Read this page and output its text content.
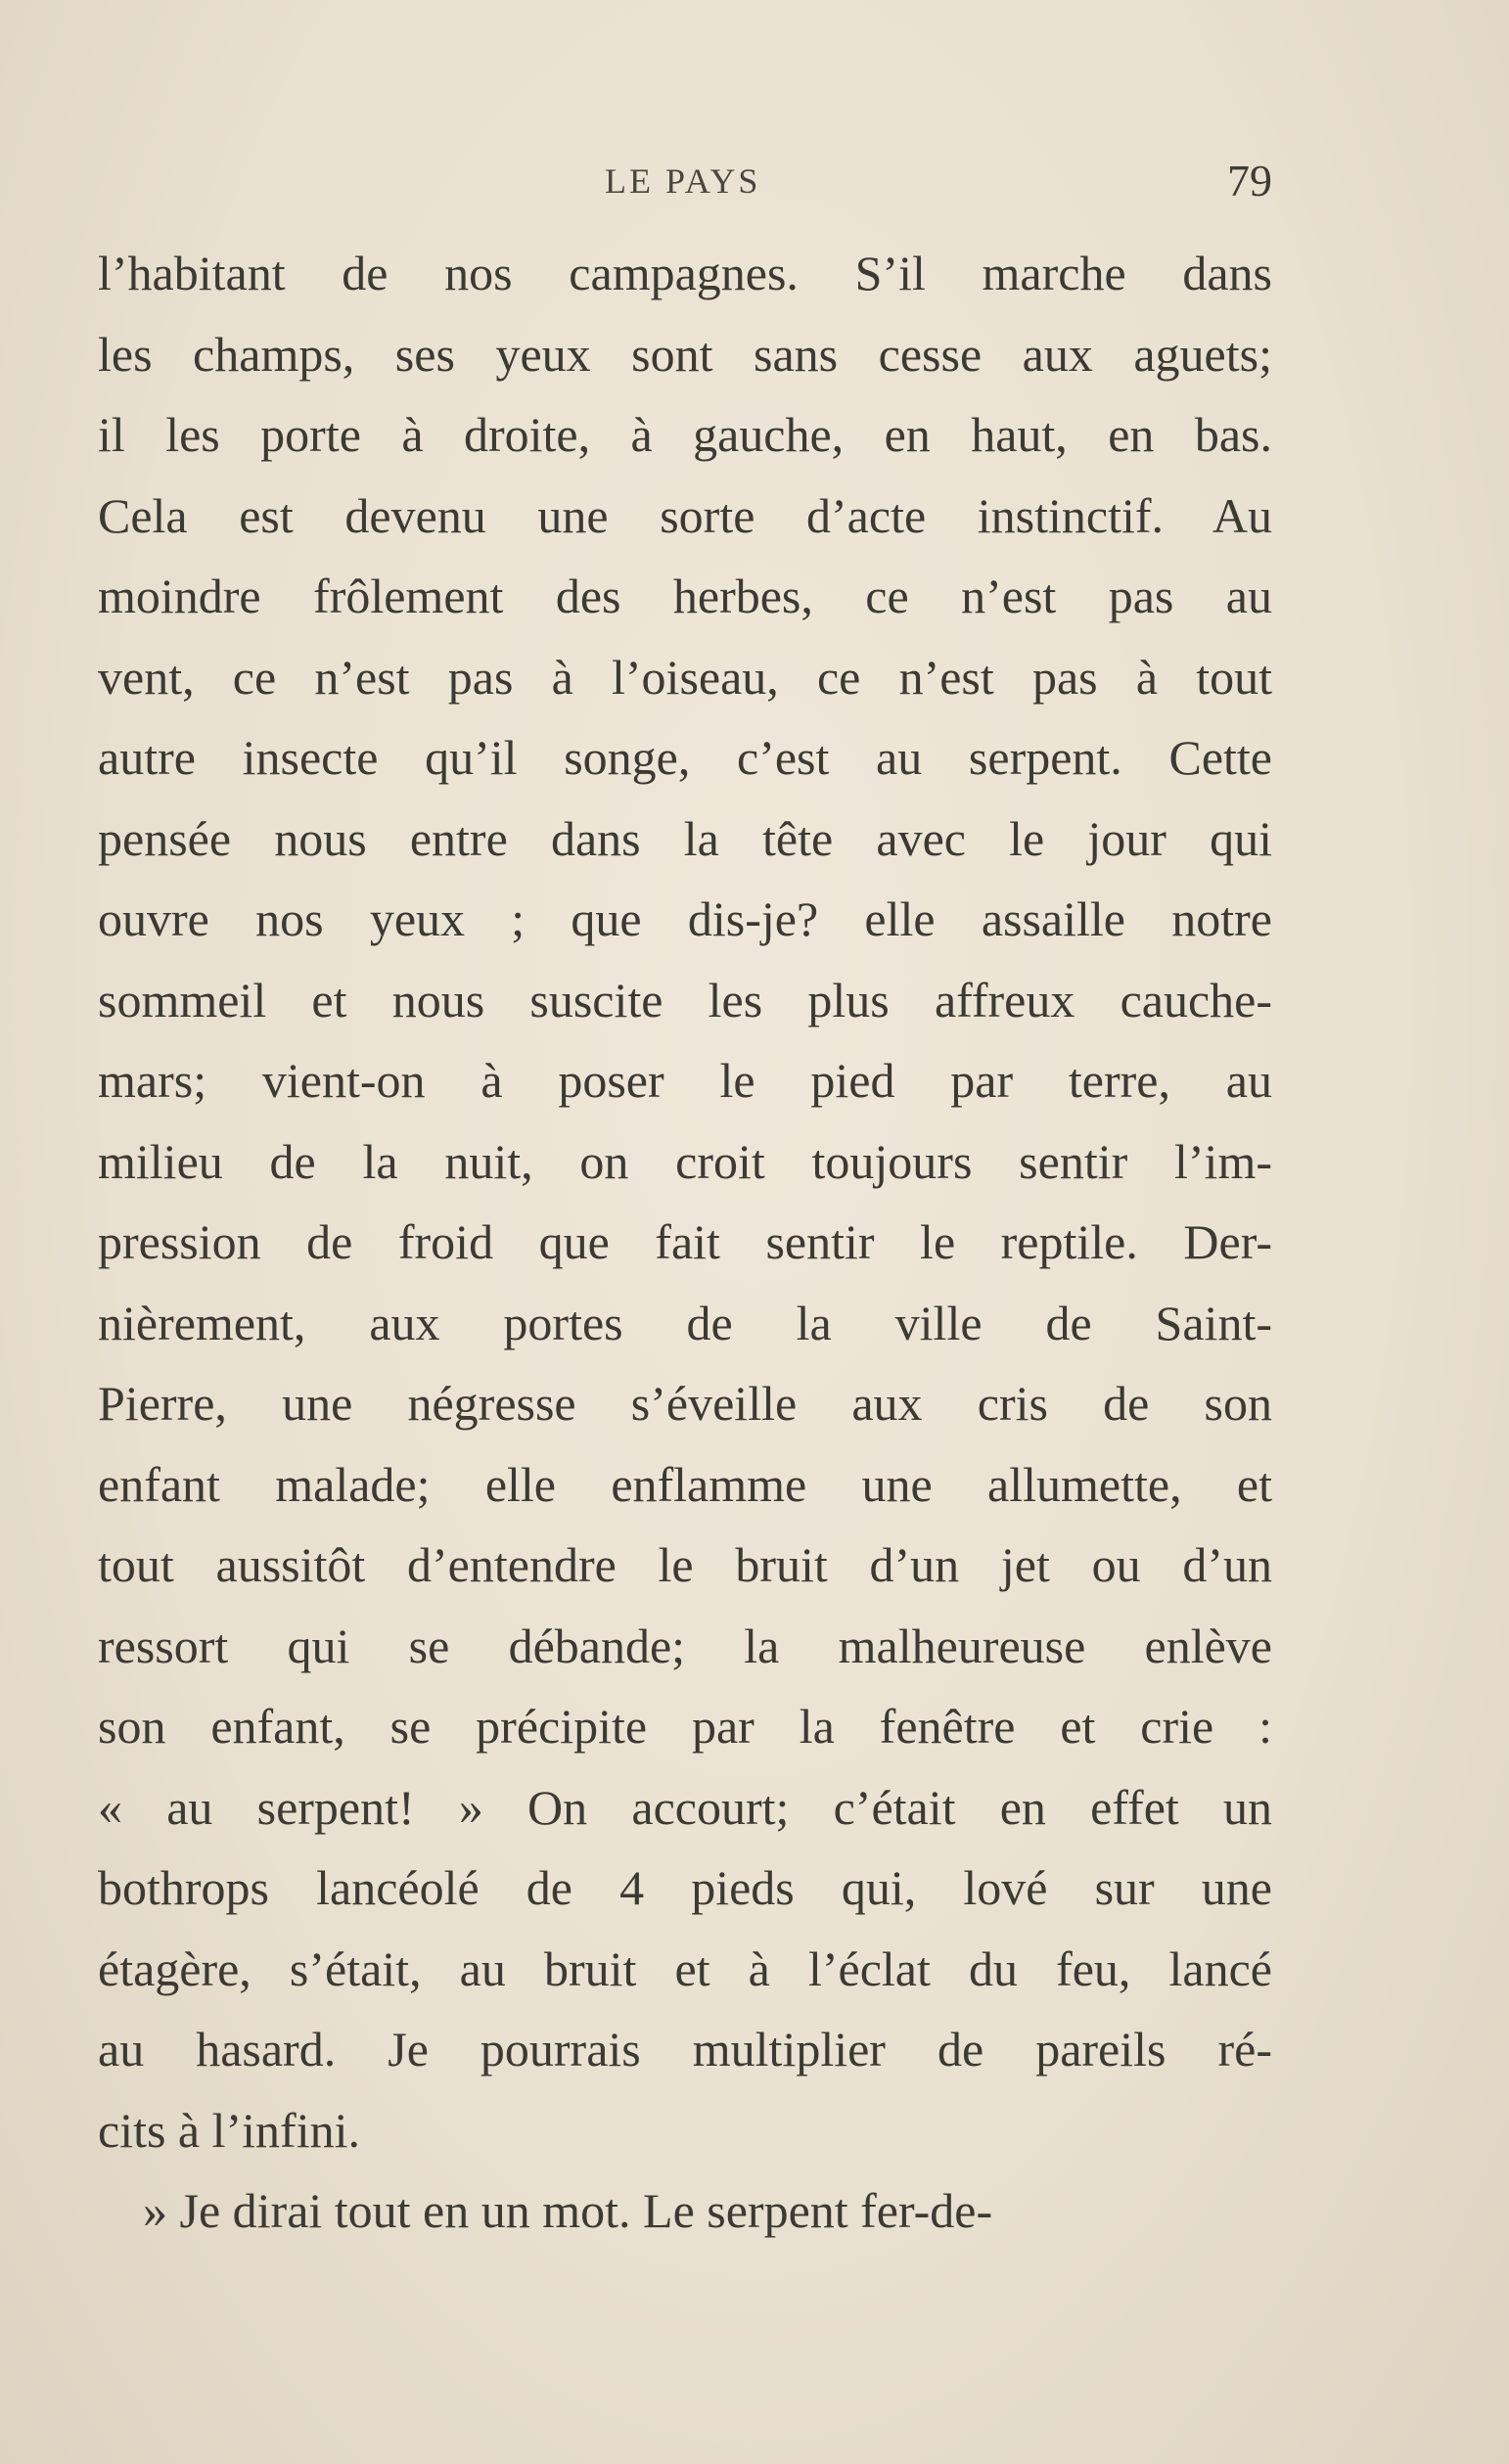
LE PAYS	79
l’habitant de nos campagnes. S’il marche dans
les champs, ses yeux sont sans cesse aux aguets;
il les porte à droite, à gauche, en haut, en bas.
Cela est devenu une sorte d’acte instinctif. Au
moindre frôlement des herbes, ce n’est pas au
vent, ce n’est pas à l’oiseau, ce n’est pas à tout
autre insecte qu’il songe, c’est au serpent. Cette
pensée nous entre dans la tête avec le jour qui
ouvre nos yeux ; que dis-je? elle assaille notre
sommeil et nous suscite les plus affreux cauche-
mars; vient-on à poser le pied par terre, au
milieu de la nuit, on croit toujours sentir l’im-
pression de froid que fait sentir le reptile. Der-
nièrement, aux portes de la ville de Saint-
Pierre, une négresse s’éveille aux cris de son
enfant malade; elle enflamme une allumette, et
tout aussitôt d’entendre le bruit d’un jet ou d’un
ressort qui se débande; la malheureuse enlève
son enfant, se précipite par la fenêtre et crie :
« au serpent! » On accourt; c’était en effet un
bothrops lancéolé de 4 pieds qui, lové sur une
étagère, s’était, au bruit et à l’éclat du feu, lancé
au hasard. Je pourrais multiplier de pareils ré-
cits à l’infini.
» Je dirai tout en un mot. Le serpent fer-de-
